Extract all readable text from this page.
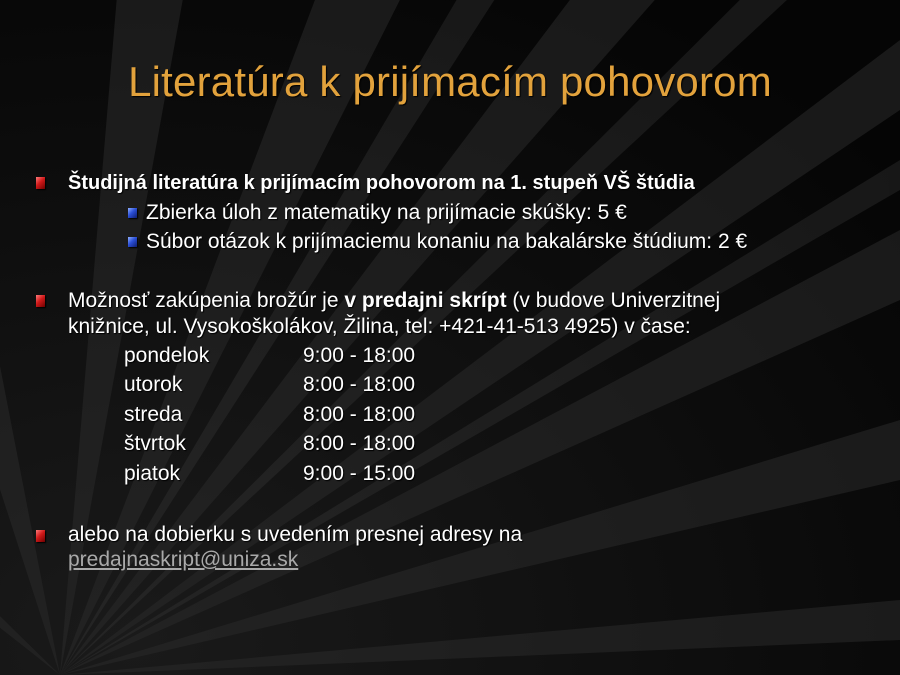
Literatúra k prijímacím pohovorom
Študijná literatúra k prijímacím pohovorom na 1. stupeň VŠ štúdia
Zbierka úloh z matematiky na prijímacie skúšky: 5 €
Súbor otázok k prijímaciemu konaniu na bakalárske štúdium: 2 €
Možnosť zakúpenia brožúr je v predajni skrípt (v budove Univerzitnej
knižnice, ul. Vysokoškolákov, Žilina, tel: +421-41-513 4925) v čase:
pondelok	9:00 - 18:00
utorok	8:00 - 18:00
streda	8:00 - 18:00
štvrtok	8:00 - 18:00
piatok	9:00 - 15:00
alebo na dobierku s uvedením presnej adresy na
predajnaskript@uniza.sk
